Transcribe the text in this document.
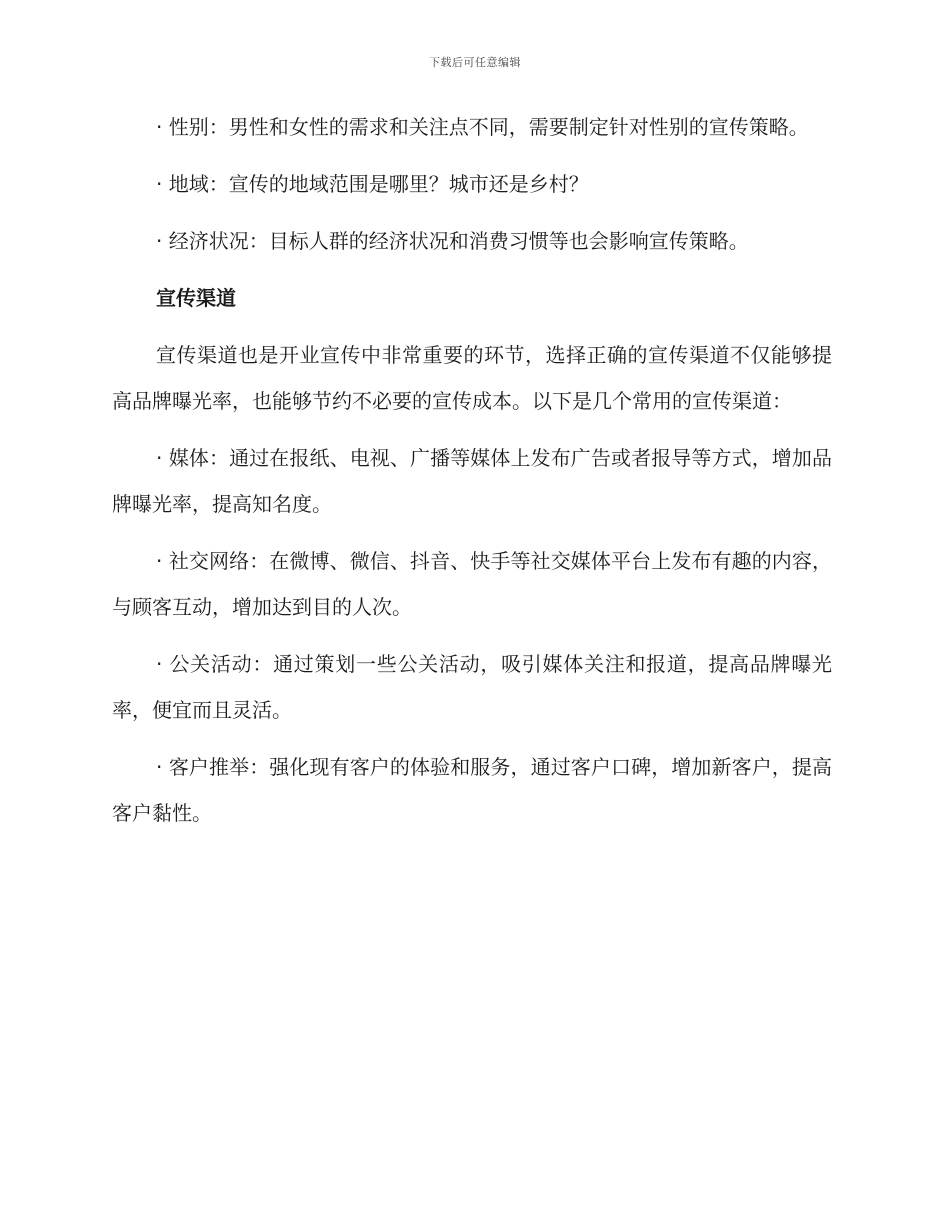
下载后可任意编辑

· 性别：男性和女性的需求和关注点不同，需要制定针对性别的宣传策略。

· 地域：宣传的地域范围是哪里？城市还是乡村？

· 经济状况：目标人群的经济状况和消费习惯等也会影响宣传策略。

宣传渠道

宣传渠道也是开业宣传中非常重要的环节，选择正确的宣传渠道不仅能够提高品牌曝光率，也能够节约不必要的宣传成本。以下是几个常用的宣传渠道：

· 媒体：通过在报纸、电视、广播等媒体上发布广告或者报导等方式，增加品牌曝光率，提高知名度。

· 社交网络：在微博、微信、抖音、快手等社交媒体平台上发布有趣的内容，与顾客互动，增加达到目的人次。

· 公关活动：通过策划一些公关活动，吸引媒体关注和报道，提高品牌曝光率，便宜而且灵活。

· 客户推举：强化现有客户的体验和服务，通过客户口碑，增加新客户，提高客户黏性。
